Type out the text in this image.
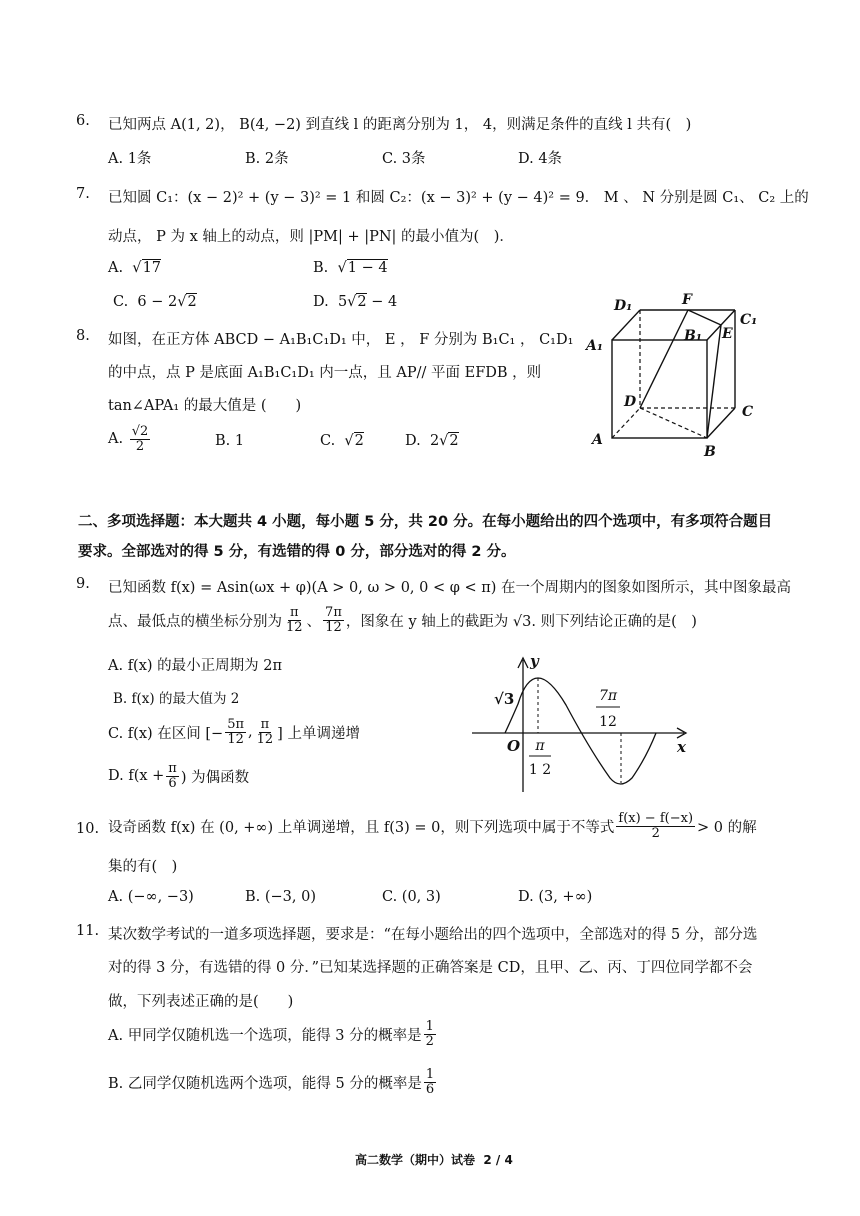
6. 已知两点 A(1, 2)， B(4, −2) 到直线 l 的距离分别为 1， 4，则满足条件的直线 l 共有(　)
A. 1条	B. 2条	C. 3条	D. 4条
7. 已知圆 C₁：(x − 2)² + (y − 3)² = 1 和圆 C₂：(x − 3)² + (y − 4)² = 9． M 、 N 分别是圆 C₁、 C₂ 上的
动点， P 为 x 轴上的动点，则 |PM| + |PN| 的最小值为(　)．
A.  √17	B.  √1 − 4
C. 6 − 2√2	D. 5√2 − 4
8. 如图，在正方体 ABCD − A₁B₁C₁D₁ 中， E ， F 分别为 B₁C₁ ， C₁D₁
的中点，点 P 是底面 A₁B₁C₁D₁ 内一点，且 AP// 平面 EFDB ，则
tan∠APA₁ 的最大值是 (　　)
A.
$\frac{√2}{2}$	B. 1	C.  √2	D. 2√2
D₁	F
C₁
A₁
B₁ E
D
C
A
B
二、多项选择题：本大题共 4 小题，每小题 5 分，共 20 分。在每小题给出的四个选项中，有多项符合题目
要求。全部选对的得 5 分，有选错的得 0 分，部分选对的得 2 分。
9. 已知函数 f(x) = Asin(ωx + φ)(A > 0, ω > 0, 0 < φ < π) 在一个周期内的图象如图所示，其中图象最高
点、最低点的横坐标分别为 $\frac{\pi}{12}$ 、 $\frac{7\pi}{12}$ ，图象在 y 轴上的截距为 √3. 则下列结论正确的是(　)
A. f(x) 的最小正周期为 2π
B. f(x) 的最大值为 2
C. f(x) 在区间 [− $\frac{5\pi}{12}$ , $\frac{\pi}{12}$ ] 上单调递增
D. $f(x + \frac{\pi}{6}$ ) 为偶函数
y
x
O
√3	7π
12
π
1 2
10. 设奇函数 f(x) 在 (0, +∞) 上单调递增，且 f(3) = 0，则下列选项中属于不等式 $\frac{f(x) - f(-x)}{2} > 0$ 的解
集的有(　)
A. (−∞, −3)	B. (−3, 0)	C. (0, 3)	D. (3, +∞)
11. 某次数学考试的一道多项选择题，要求是：“在每小题给出的四个选项中，全部选对的得 5 分，部分选
对的得 3 分，有选错的得 0 分．”已知某选择题的正确答案是 CD，且甲、乙、丙、丁四位同学都不会
做，下列表述正确的是(　　)
A. 甲同学仅随机选一个选项，能得 3 分的概率是 $\frac{1}{2}$
B. 乙同学仅随机选两个选项，能得 5 分的概率是 $\frac{1}{6}$
高二数学（期中）试卷 2 / 4
